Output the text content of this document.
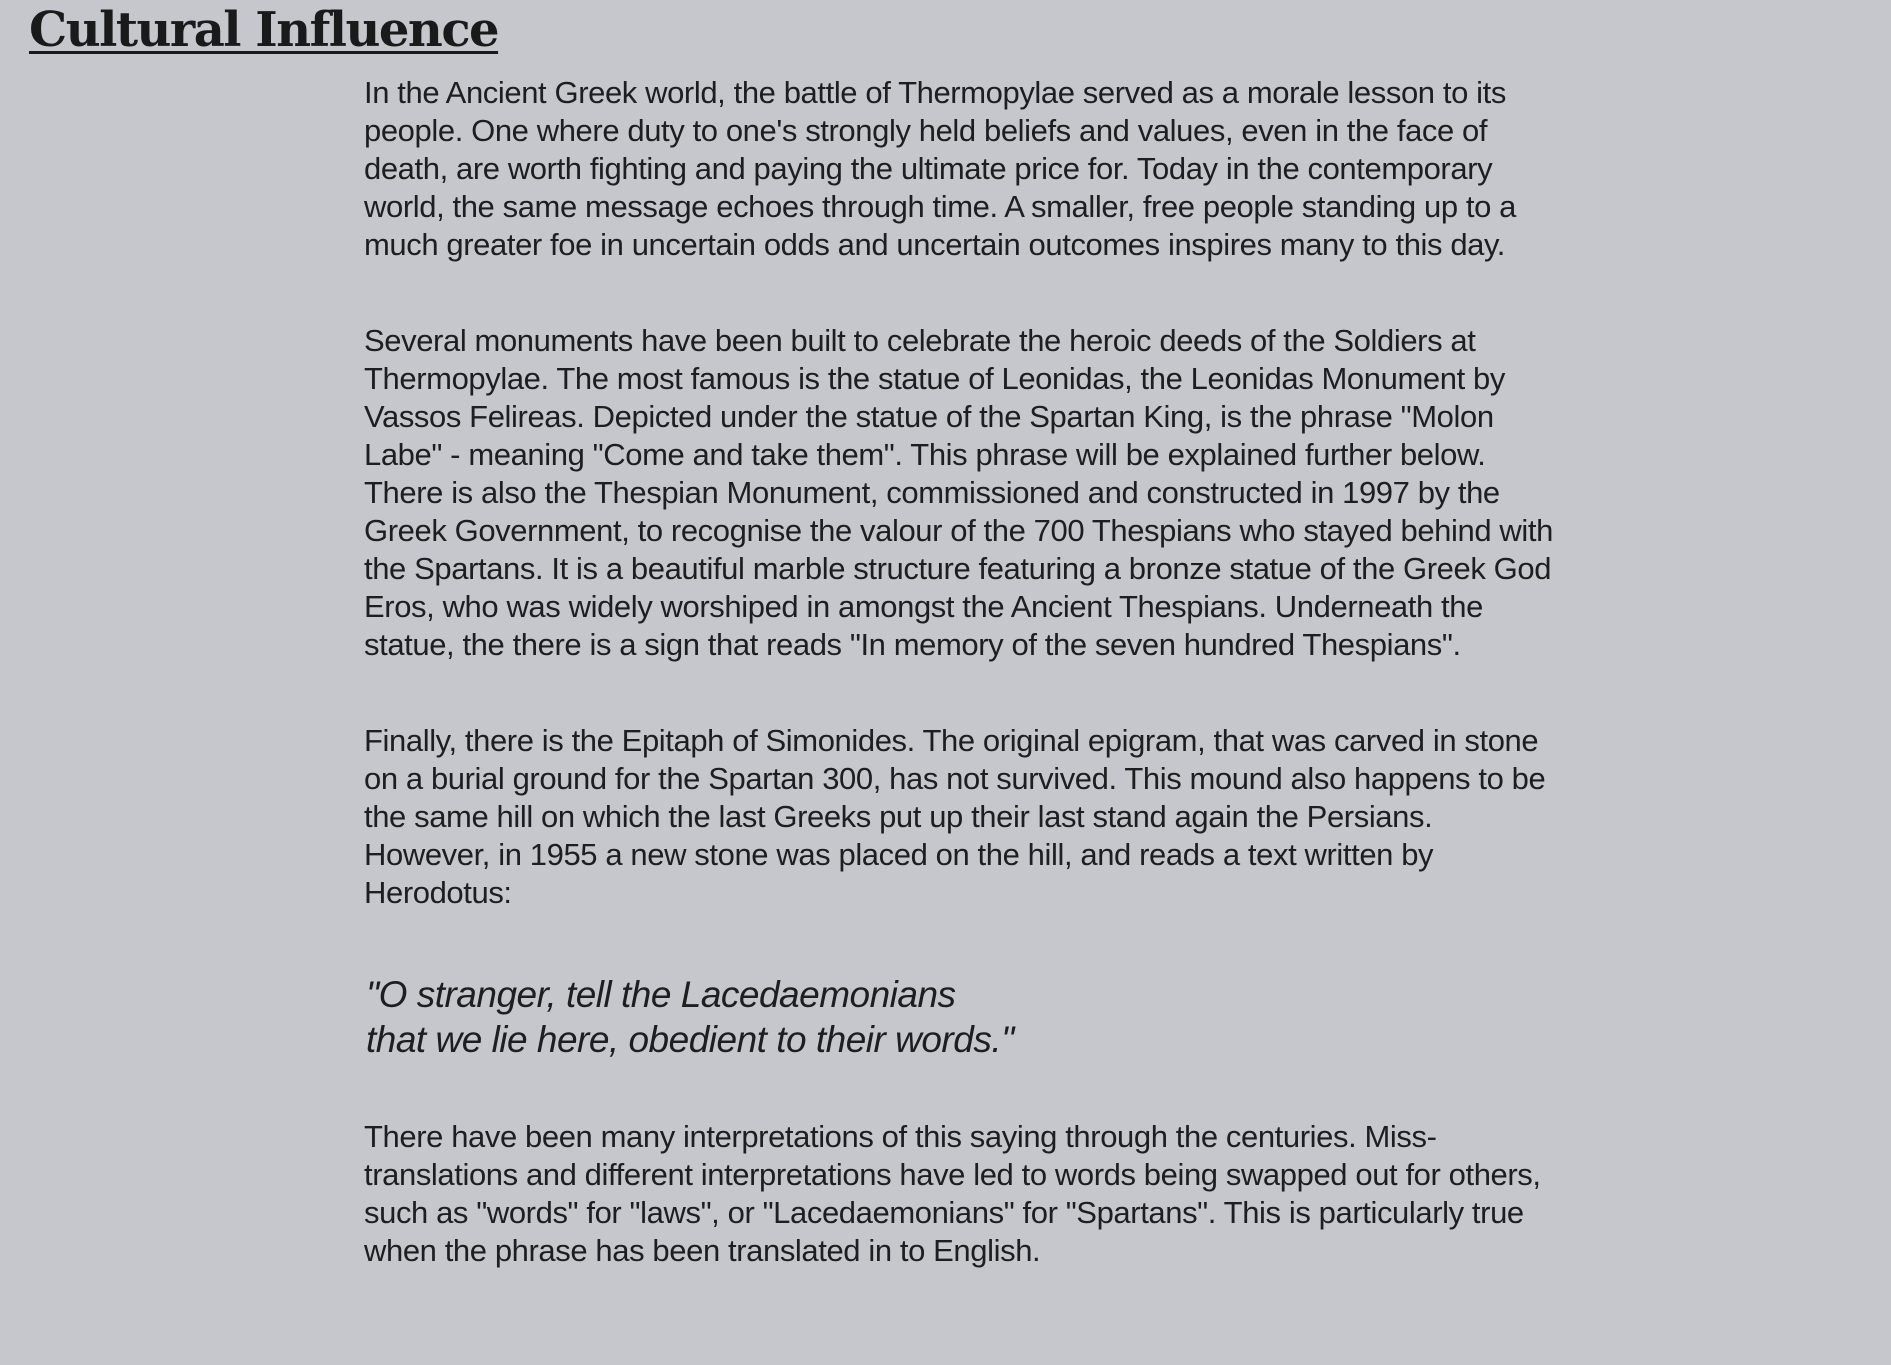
Cultural Influence

In the Ancient Greek world, the battle of Thermopylae served as a morale lesson to its people. One where duty to one's strongly held beliefs and values, even in the face of death, are worth fighting and paying the ultimate price for. Today in the contemporary world, the same message echoes through time. A smaller, free people standing up to a much greater foe in uncertain odds and uncertain outcomes inspires many to this day.

Several monuments have been built to celebrate the heroic deeds of the Soldiers at Thermopylae. The most famous is the statue of Leonidas, the Leonidas Monument by Vassos Felireas. Depicted under the statue of the Spartan King, is the phrase "Molon Labe" - meaning "Come and take them". This phrase will be explained further below. There is also the Thespian Monument, commissioned and constructed in 1997 by the Greek Government, to recognise the valour of the 700 Thespians who stayed behind with the Spartans. It is a beautiful marble structure featuring a bronze statue of the Greek God Eros, who was widely worshiped in amongst the Ancient Thespians. Underneath the statue, the there is a sign that reads "In memory of the seven hundred Thespians".

Finally, there is the Epitaph of Simonides. The original epigram, that was carved in stone on a burial ground for the Spartan 300, has not survived. This mound also happens to be the same hill on which the last Greeks put up their last stand again the Persians. However, in 1955 a new stone was placed on the hill, and reads a text written by Herodotus:

"O stranger, tell the Lacedaemonians
that we lie here, obedient to their words."

There have been many interpretations of this saying through the centuries. Miss-translations and different interpretations have led to words being swapped out for others, such as "words" for "laws", or "Lacedaemonians" for "Spartans". This is particularly true when the phrase has been translated in to English.
